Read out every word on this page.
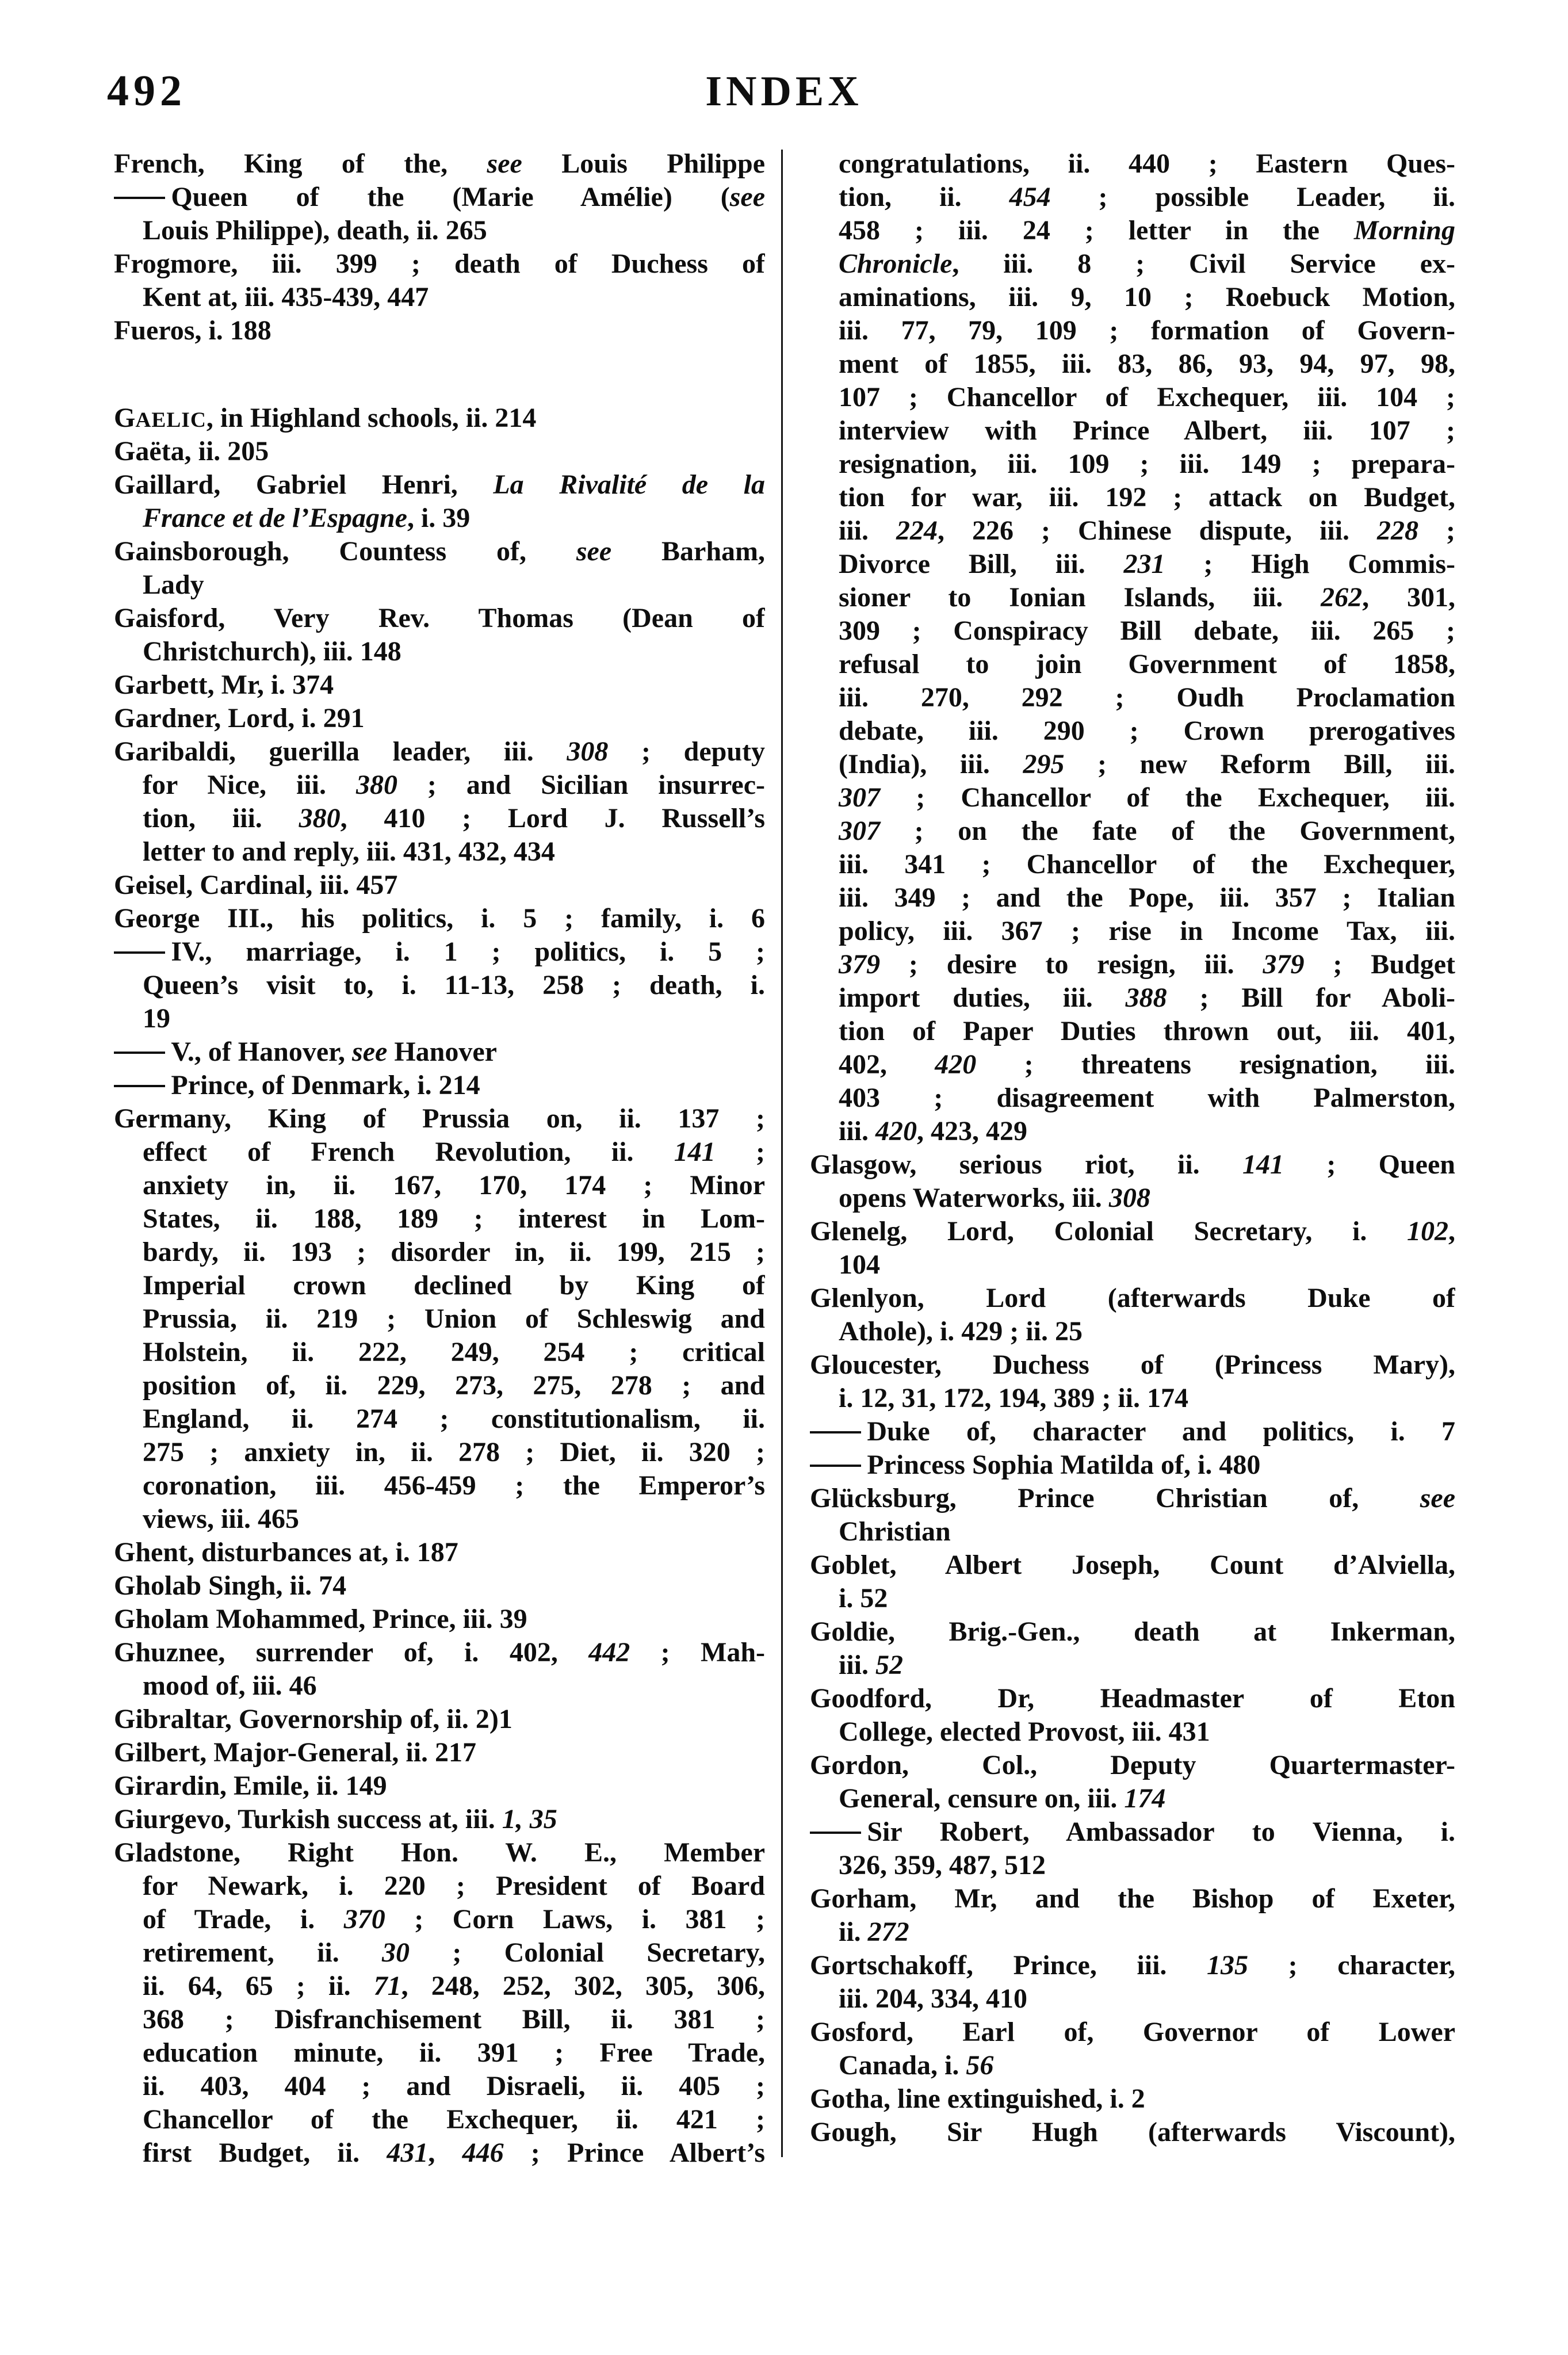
492	INDEX
French, King of the, see Louis Philippe
Queen of the (Marie Amélie) (see
Louis Philippe), death, ii. 265
Frogmore, iii. 399 ; death of Duchess of
Kent at, iii. 435-439, 447
Fueros, i. 188
GAELIC, in Highland schools, ii. 214
Gaëta, ii. 205
Gaillard, Gabriel Henri, La Rivalité de la
France et de l’Espagne, i. 39
Gainsborough, Countess of, see Barham,
Lady
Gaisford, Very Rev. Thomas (Dean of
Christchurch), iii. 148
Garbett, Mr, i. 374
Gardner, Lord, i. 291
Garibaldi, guerilla leader, iii. 308 ; deputy
for Nice, iii. 380 ; and Sicilian insurrec-
tion, iii. 380, 410 ; Lord J. Russell’s
letter to and reply, iii. 431, 432, 434
Geisel, Cardinal, iii. 457
George III., his politics, i. 5 ; family, i. 6
IV., marriage, i. 1 ; politics, i. 5 ;
Queen’s visit to, i. 11-13, 258 ; death, i.
19
V., of Hanover, see Hanover
Prince, of Denmark, i. 214
Germany, King of Prussia on, ii. 137 ;
effect of French Revolution, ii. 141 ;
anxiety in, ii. 167, 170, 174 ; Minor
States, ii. 188, 189 ; interest in Lom-
bardy, ii. 193 ; disorder in, ii. 199, 215 ;
Imperial crown declined by King of
Prussia, ii. 219 ; Union of Schleswig and
Holstein, ii. 222, 249, 254 ; critical
position of, ii. 229, 273, 275, 278 ; and
England, ii. 274 ; constitutionalism, ii.
275 ; anxiety in, ii. 278 ; Diet, ii. 320 ;
coronation, iii. 456-459 ; the Emperor’s
views, iii. 465
Ghent, disturbances at, i. 187
Gholab Singh, ii. 74
Gholam Mohammed, Prince, iii. 39
Ghuznee, surrender of, i. 402, 442 ; Mah-
mood of, iii. 46
Gibraltar, Governorship of, ii. 2)1
Gilbert, Major-General, ii. 217
Girardin, Emile, ii. 149
Giurgevo, Turkish success at, iii. 1, 35
Gladstone, Right Hon. W. E., Member
for Newark, i. 220 ; President of Board
of Trade, i. 370 ; Corn Laws, i. 381 ;
retirement, ii. 30 ; Colonial Secretary,
ii. 64, 65 ; ii. 71, 248, 252, 302, 305, 306,
368 ; Disfranchisement Bill, ii. 381 ;
education minute, ii. 391 ; Free Trade,
ii. 403, 404 ; and Disraeli, ii. 405 ;
Chancellor of the Exchequer, ii. 421 ;
first Budget, ii. 431, 446 ; Prince Albert’s
congratulations, ii. 440 ; Eastern Ques-
tion, ii. 454 ; possible Leader, ii.
458 ; iii. 24 ; letter in the Morning
Chronicle, iii. 8 ; Civil Service ex-
aminations, iii. 9, 10 ; Roebuck Motion,
iii. 77, 79, 109 ; formation of Govern-
ment of 1855, iii. 83, 86, 93, 94, 97, 98,
107 ; Chancellor of Exchequer, iii. 104 ;
interview with Prince Albert, iii. 107 ;
resignation, iii. 109 ; iii. 149 ; prepara-
tion for war, iii. 192 ; attack on Budget,
iii. 224, 226 ; Chinese dispute, iii. 228 ;
Divorce Bill, iii. 231 ; High Commis-
sioner to Ionian Islands, iii. 262, 301,
309 ; Conspiracy Bill debate, iii. 265 ;
refusal to join Government of 1858,
iii. 270, 292 ; Oudh Proclamation
debate, iii. 290 ; Crown prerogatives
(India), iii. 295 ; new Reform Bill, iii.
307 ; Chancellor of the Exchequer, iii.
307 ; on the fate of the Government,
iii. 341 ; Chancellor of the Exchequer,
iii. 349 ; and the Pope, iii. 357 ; Italian
policy, iii. 367 ; rise in Income Tax, iii.
379 ; desire to resign, iii. 379 ; Budget
import duties, iii. 388 ; Bill for Aboli-
tion of Paper Duties thrown out, iii. 401,
402, 420 ; threatens resignation, iii.
403 ; disagreement with Palmerston,
iii. 420, 423, 429
Glasgow, serious riot, ii. 141 ; Queen
opens Waterworks, iii. 308
Glenelg, Lord, Colonial Secretary, i. 102,
104
Glenlyon, Lord (afterwards Duke of
Athole), i. 429 ; ii. 25
Gloucester, Duchess of (Princess Mary),
i. 12, 31, 172, 194, 389 ; ii. 174
Duke of, character and politics, i. 7
Princess Sophia Matilda of, i. 480
Glücksburg, Prince Christian of, see
Christian
Goblet, Albert Joseph, Count d’Alviella,
i. 52
Goldie, Brig.-Gen., death at Inkerman,
iii. 52
Goodford, Dr, Headmaster of Eton
College, elected Provost, iii. 431
Gordon, Col., Deputy Quartermaster-
General, censure on, iii. 174
Sir Robert, Ambassador to Vienna, i.
326, 359, 487, 512
Gorham, Mr, and the Bishop of Exeter,
ii. 272
Gortschakoff, Prince, iii. 135 ; character,
iii. 204, 334, 410
Gosford, Earl of, Governor of Lower
Canada, i. 56
Gotha, line extinguished, i. 2
Gough, Sir Hugh (afterwards Viscount),
